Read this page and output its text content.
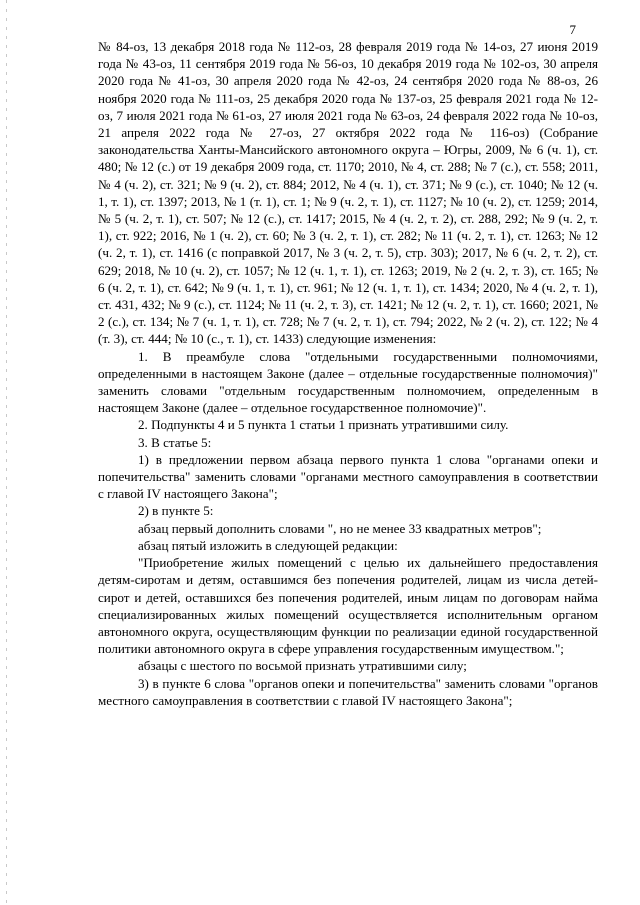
7

№ 84-оз, 13 декабря 2018 года № 112-оз, 28 февраля 2019 года № 14-оз, 27 июня 2019 года № 43-оз, 11 сентября 2019 года № 56-оз, 10 декабря 2019 года № 102-оз, 30 апреля 2020 года № 41-оз, 30 апреля 2020 года № 42-оз, 24 сентября 2020 года № 88-оз, 26 ноября 2020 года № 111-оз, 25 декабря 2020 года № 137-оз, 25 февраля 2021 года № 12-оз, 7 июля 2021 года № 61-оз, 27 июля 2021 года № 63-оз, 24 февраля 2022 года № 10-оз, 21 апреля 2022 года № 27-оз, 27 октября 2022 года № 116-оз) (Собрание законодательства Ханты-Мансийского автономного округа – Югры, 2009, № 6 (ч. 1), ст. 480; № 12 (с.) от 19 декабря 2009 года, ст. 1170; 2010, № 4, ст. 288; № 7 (с.), ст. 558; 2011, № 4 (ч. 2), ст. 321; № 9 (ч. 2), ст. 884; 2012, № 4 (ч. 1), ст. 371; № 9 (с.), ст. 1040; № 12 (ч. 1, т. 1), ст. 1397; 2013, № 1 (т. 1), ст. 1; № 9 (ч. 2, т. 1), ст. 1127; № 10 (ч. 2), ст. 1259; 2014, № 5 (ч. 2, т. 1), ст. 507; № 12 (с.), ст. 1417; 2015, № 4 (ч. 2, т. 2), ст. 288, 292; № 9 (ч. 2, т. 1), ст. 922; 2016, № 1 (ч. 2), ст. 60; № 3 (ч. 2, т. 1), ст. 282; № 11 (ч. 2, т. 1), ст. 1263; № 12 (ч. 2, т. 1), ст. 1416 (с поправкой 2017, № 3 (ч. 2, т. 5), стр. 303); 2017, № 6 (ч. 2, т. 2), ст. 629; 2018, № 10 (ч. 2), ст. 1057; № 12 (ч. 1, т. 1), ст. 1263; 2019, № 2 (ч. 2, т. 3), ст. 165; № 6 (ч. 2, т. 1), ст. 642; № 9 (ч. 1, т. 1), ст. 961; № 12 (ч. 1, т. 1), ст. 1434; 2020, № 4 (ч. 2, т. 1), ст. 431, 432; № 9 (с.), ст. 1124; № 11 (ч. 2, т. 3), ст. 1421; № 12 (ч. 2, т. 1), ст. 1660; 2021, № 2 (с.), ст. 134; № 7 (ч. 1, т. 1), ст. 728; № 7 (ч. 2, т. 1), ст. 794; 2022, № 2 (ч. 2), ст. 122; № 4 (т. 3), ст. 444; № 10 (с., т. 1), ст. 1433) следующие изменения:

1. В преамбуле слова "отдельными государственными полномочиями, определенными в настоящем Законе (далее – отдельные государственные полномочия)" заменить словами "отдельным государственным полномочием, определенным в настоящем Законе (далее – отдельное государственное полномочие)".

2. Подпункты 4 и 5 пункта 1 статьи 1 признать утратившими силу.

3. В статье 5:

1) в предложении первом абзаца первого пункта 1 слова "органами опеки и попечительства" заменить словами "органами местного самоуправления в соответствии с главой IV настоящего Закона";

2) в пункте 5:

абзац первый дополнить словами ", но не менее 33 квадратных метров";

абзац пятый изложить в следующей редакции:

"Приобретение жилых помещений с целью их дальнейшего предоставления детям-сиротам и детям, оставшимся без попечения родителей, лицам из числа детей-сирот и детей, оставшихся без попечения родителей, иным лицам по договорам найма специализированных жилых помещений осуществляется исполнительным органом автономного округа, осуществляющим функции по реализации единой государственной политики автономного округа в сфере управления государственным имуществом.";

абзацы с шестого по восьмой признать утратившими силу;

3) в пункте 6 слова "органов опеки и попечительства" заменить словами "органов местного самоуправления в соответствии с главой IV настоящего Закона";
